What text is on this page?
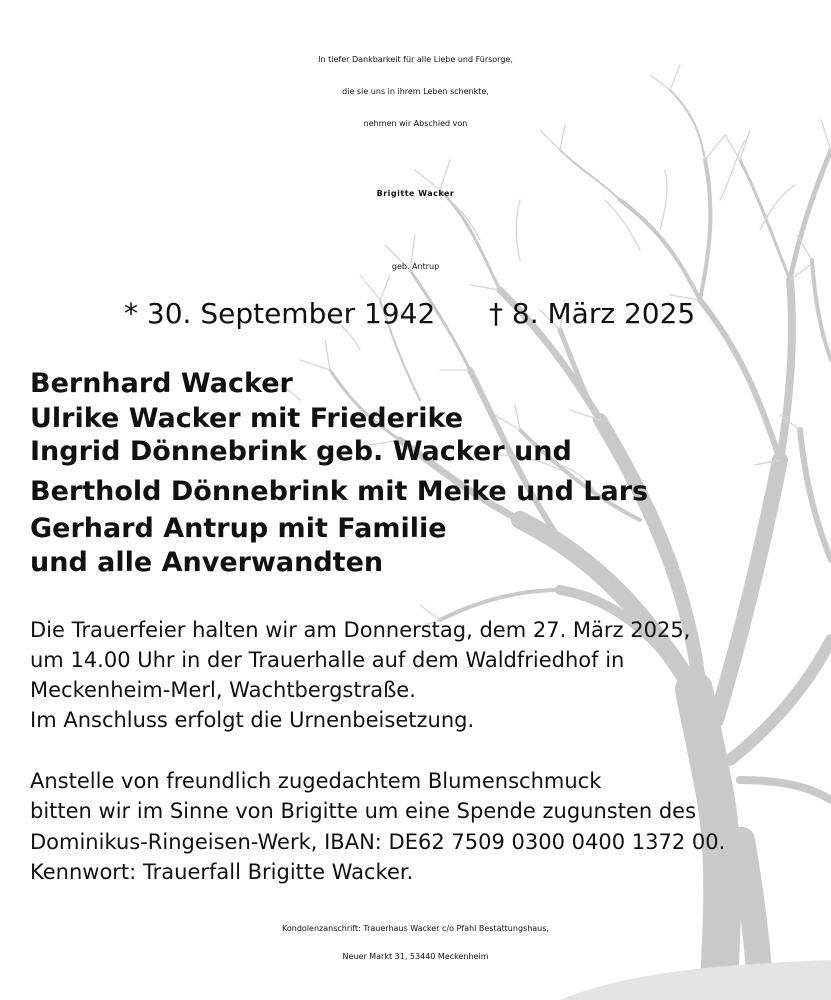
In tiefer Dankbarkeit für alle Liebe und Fürsorge,

die sie uns in ihrem Leben schenkte,

nehmen wir Abschied von

Brigitte Wacker

geb. Antrup

* 30. September 1942 † 8. März 2025

Bernhard Wacker

Ulrike Wacker mit Friederike

Ingrid Dönnebrink geb. Wacker und

Berthold Dönnebrink mit Meike und Lars

Gerhard Antrup mit Familie

und alle Anverwandten

Die Trauerfeier halten wir am Donnerstag, dem 27. März 2025,

um 14.00 Uhr in der Trauerhalle auf dem Waldfriedhof in

Meckenheim-Merl, Wachtbergstraße.

Im Anschluss erfolgt die Urnenbeisetzung.

Anstelle von freundlich zugedachtem Blumenschmuck

bitten wir im Sinne von Brigitte um eine Spende zugunsten des

Dominikus-Ringeisen-Werk, IBAN: DE62 7509 0300 0400 1372 00.

Kennwort: Trauerfall Brigitte Wacker.

Kondolenzanschrift: Trauerhaus Wacker c/o Pfahl Bestattungshaus,

Neuer Markt 31, 53440 Meckenheim
